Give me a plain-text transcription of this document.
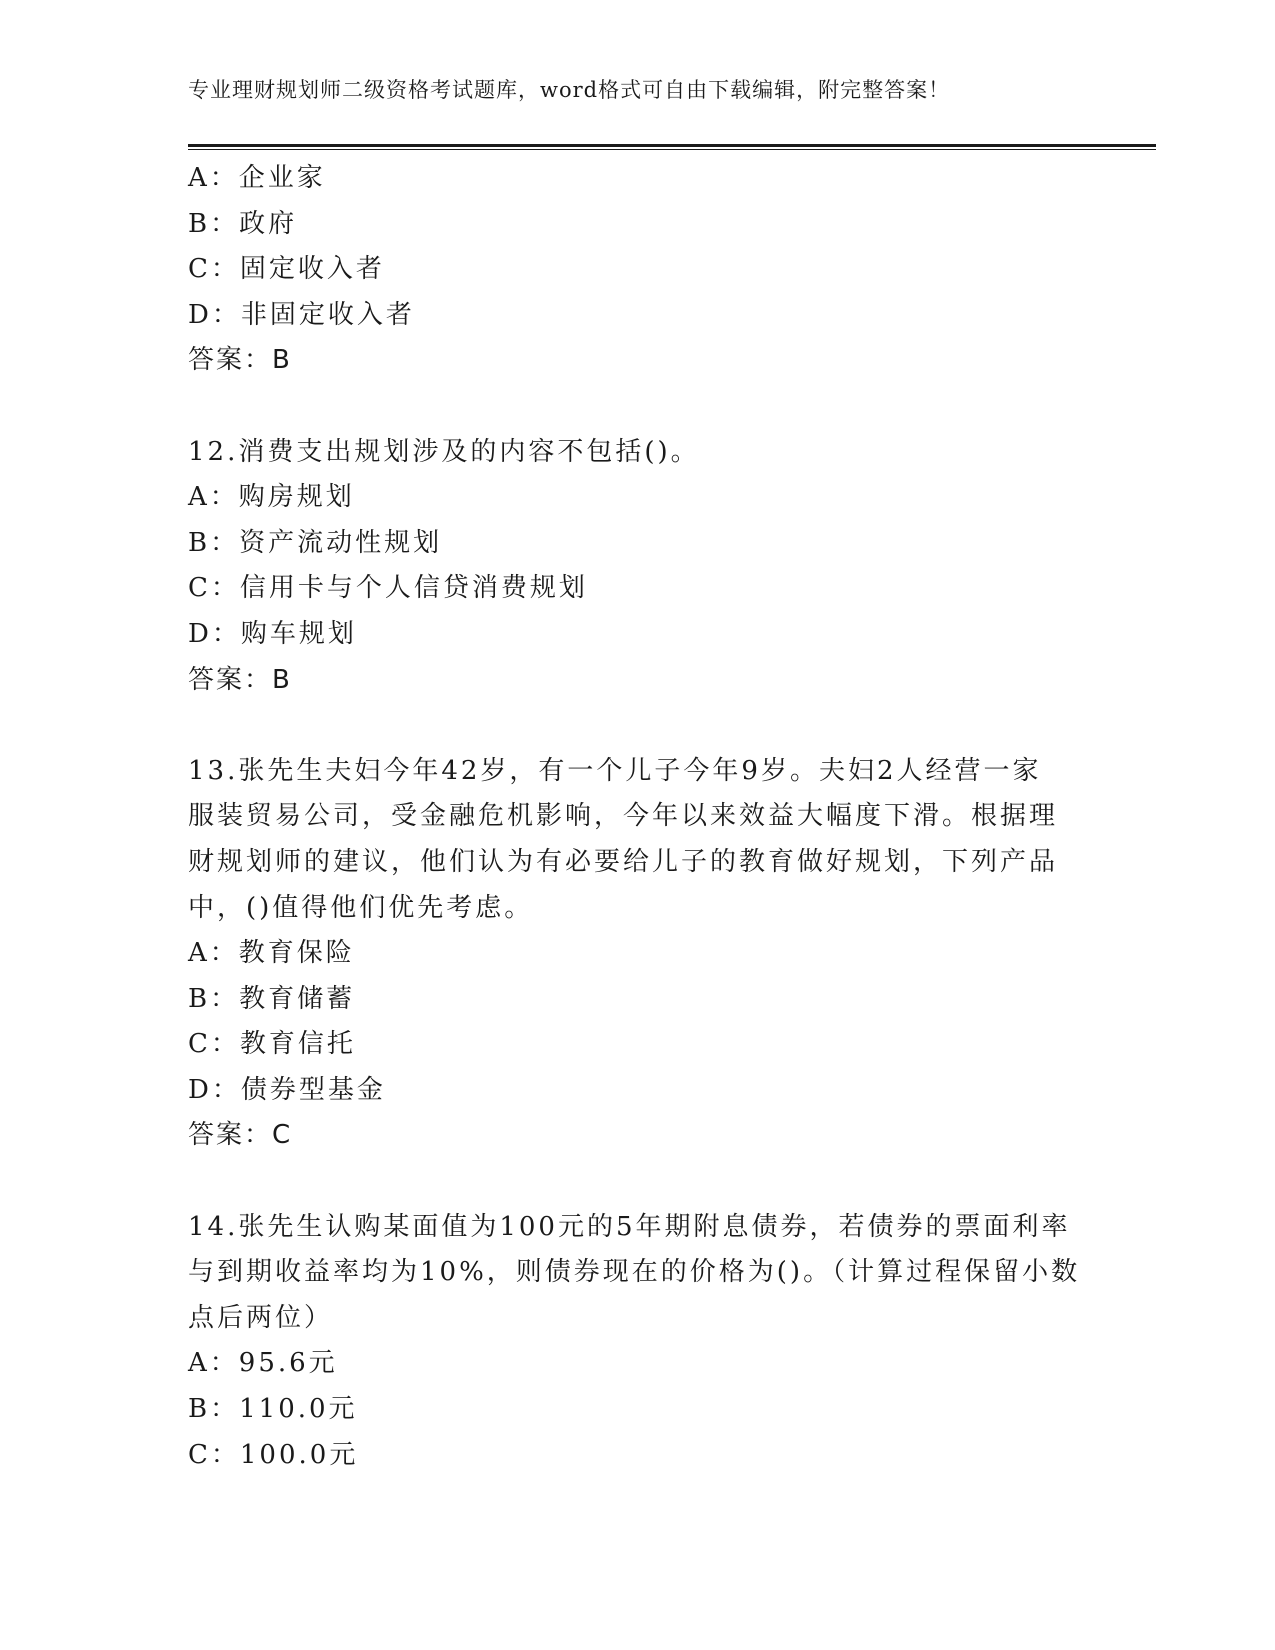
专业理财规划师二级资格考试题库，word格式可自由下载编辑，附完整答案！
A：企业家
B：政府
C：固定收入者
D：非固定收入者
答案：B
12.消费支出规划涉及的内容不包括()。
A：购房规划
B：资产流动性规划
C：信用卡与个人信贷消费规划
D：购车规划
答案：B
13.张先生夫妇今年42岁，有一个儿子今年9岁。夫妇2人经营一家
服装贸易公司，受金融危机影响，今年以来效益大幅度下滑。根据理
财规划师的建议，他们认为有必要给儿子的教育做好规划，下列产品
中，()值得他们优先考虑。
A：教育保险
B：教育储蓄
C：教育信托
D：债券型基金
答案：C
14.张先生认购某面值为100元的5年期附息债券，若债券的票面利率
与到期收益率均为10%，则债券现在的价格为()。（计算过程保留小数
点后两位）
A：95.6元
B：110.0元
C：100.0元
